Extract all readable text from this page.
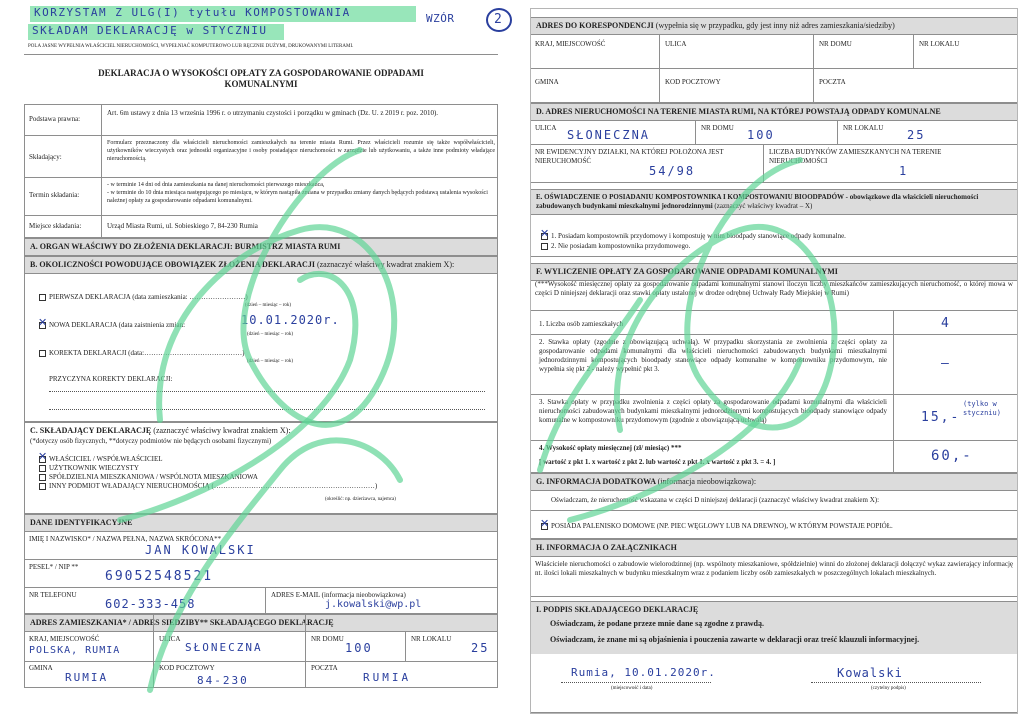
KORZYSTAM Z ULG(I) tytułu KOMPOSTOWANIA
SKŁADAM DEKLARACJĘ w STYCZNIU
WZÓR	2
POLA JASNE WYPEŁNIA WŁAŚCICIEL NIERUCHOMOŚCI, WYPEŁNIAĆ KOMPUTEROWO LUB RĘCZNIE DUŻYMI, DRUKOWANYMI LITERAMI.
DEKLARACJA O WYSOKOŚCI OPŁATY ZA GOSPODAROWANIE ODPADAMI
KOMUNALNYMI
Podstawa prawna:
Art. 6m ustawy z dnia 13 września 1996 r. o utrzymaniu czystości i porządku w gminach (Dz. U. z 2019 r. poz. 2010).
Składający:
Formularz przeznaczony dla właścicieli nieruchomości zamieszkałych na terenie miasta Rumi. Przez właścicieli rozumie się także współwłaścicieli, użytkowników wieczystych oraz jednostki organizacyjne i osoby posiadające nieruchomości w zarządzie lub użytkowaniu, a także inne podmioty władające nieruchomością.
Termin składania:
- w terminie 14 dni od dnia zamieszkania na danej nieruchomości pierwszego mieszkańca,
- w terminie do 10 dnia miesiąca następującego po miesiącu, w którym nastąpiła zmiana w przypadku zmiany danych będących podstawą ustalenia wysokości należnej opłaty za gospodarowanie odpadami komunalnymi.
Miejsce składania:	Urząd Miasta Rumi, ul. Sobieskiego 7, 84-230 Rumia
A. ORGAN WŁAŚCIWY DO ZŁOŻENIA DEKLARACJI: BURMISTRZ MIASTA RUMI
B. OKOLICZNOŚCI POWODUJĄCE OBOWIĄZEK ZŁOŻENIA DEKLARACJI (zaznaczyć właściwy kwadrat znakiem X):
PIERWSZA DEKLARACJA (data zamieszkania: ……………………)
(dzień – miesiąc – rok)
✕
NOWA DEKLARACJA (data zaistnienia zmian:	10.01.2020r.
(dzień – miesiąc – rok)
KOREKTA DEKLARACJI (data:……………………………………)
(dzień – miesiąc – rok)
PRZYCZYNA KOREKTY DEKLARACJI:
C. SKŁADAJĄCY DEKLARACJĘ (zaznaczyć właściwy kwadrat znakiem X):
(*dotyczy osób fizycznych, **dotyczy podmiotów nie będących osobami fizycznymi)
✕
WŁAŚCICIEL / WSPÓŁWŁAŚCICIEL
UŻYTKOWNIK WIECZYSTY
SPÓŁDZIELNIA MIESZKANIOWA / WSPÓLNOTA MIESZKANIOWA
INNY PODMIOT WŁADAJĄCY NIERUCHOMOŚCIĄ (……………………………………………………………)
(określić: np. dzierżawca, najemca)
DANE IDENTYFIKACYJNE
IMIĘ I NAZWISKO* / NAZWA PEŁNA, NAZWA SKRÓCONA**
JAN KOWALSKI
PESEL* / NIP **
69052548521
NR TELEFONU
602-333-458
ADRES E-MAIL (informacja nieobowiązkowa)
j.kowalski@wp.pl
ADRES ZAMIESZKANIA* / ADRES SIEDZIBY** SKŁADAJĄCEGO DEKLARACJĘ
KRAJ, MIEJSCOWOŚĆ
POLSKA, RUMIA
ULICA
SŁONECZNA
NR DOMU
100
NR LOKALU
25
GMINA
RUMIA
KOD POCZTOWY
84-230
POCZTA
RUMIA
ADRES DO KORESPONDENCJI (wypełnia się w przypadku, gdy jest inny niż adres zamieszkania/siedziby)
KRAJ, MIEJSCOWOŚĆ	ULICA	NR DOMU	NR LOKALU
GMINA	KOD POCZTOWY	POCZTA
D. ADRES NIERUCHOMOŚCI NA TERENIE MIASTA RUMI, NA KTÓREJ POWSTAJĄ ODPADY KOMUNALNE
ULICA SŁONECZNA	NR DOMU 100	NR LOKALU 25
NR EWIDENCYJNY DZIAŁKI, NA KTÓREJ POŁOŻONA JEST NIERUCHOMOŚĆ
54/98
LICZBA BUDYNKÓW ZAMIESZKANYCH NA TERENIE NIERUCHOMOŚCI
1
E. OŚWIADCZENIE O POSIADANIU KOMPOSTOWNIKA I KOMPOSTOWANIU BIOODPADÓW - obowiązkowe dla właścicieli nieruchomości zabudowanych budynkami mieszkalnymi jednorodzinnymi (zaznaczyć właściwy kwadrat – X)
✕
1. Posiadam kompostownik przydomowy i kompostuję w nim bioodpady stanowiące odpady komunalne.
2. Nie posiadam kompostownika przydomowego.
F. WYLICZENIE OPŁATY ZA GOSPODAROWANIE ODPADAMI KOMUNALNYMI
(***Wysokość miesięcznej opłaty za gospodarowanie odpadami komunalnymi stanowi iloczyn liczby mieszkańców zamieszkujących nieruchomość, o której mowa w części D niniejszej deklaracji oraz stawki opłaty ustalonej w drodze odrębnej Uchwały Rady Miejskiej w Rumi)
1. Liczba osób zamieszkałych	4
2. Stawka opłaty (zgodnie z obowiązującą uchwałą). W przypadku skorzystania ze zwolnienia z części opłaty za gospodarowanie odpadami komunalnymi dla właścicieli nieruchomości zabudowanych budynkami mieszkalnymi jednorodzinnymi kompostujących bioodpady stanowiące odpady komunalne w kompostowniku przydomowym, nie wypełnia się pkt 2 - należy wypełnić pkt 3.	–
3. Stawka opłaty w przypadku zwolnienia z części opłaty za gospodarowanie odpadami komunalnymi dla właścicieli nieruchomości zabudowanych budynkami mieszkalnymi jednorodzinnymi kompostujących bioodpady stanowiące odpady komunalne w kompostowniku przydomowym (zgodnie z obowiązującą uchwałą)	15,-
(tylko w styczniu)
4. Wysokość opłaty miesięcznej (zł/ miesiąc) ***
[ wartość z pkt 1. x wartość z pkt 2. lub wartość z pkt 1. x wartość z pkt 3. = 4. ]	60,-
G. INFORMACJA DODATKOWA (informacja nieobowiązkowa):
Oświadczam, że nieruchomość wskazana w części D niniejszej deklaracji (zaznaczyć właściwy kwadrat znakiem X):
✕
POSIADA PALENISKO DOMOWE (NP. PIEC WĘGLOWY LUB NA DREWNO), W KTÓRYM POWSTAJE POPIÓŁ.
H. INFORMACJA O ZAŁĄCZNIKACH
Właściciele nieruchomości o zabudowie wielorodzinnej (np. wspólnoty mieszkaniowe, spółdzielnie) winni do złożonej deklaracji dołączyć wykaz zawierający informację nt. ilości lokali mieszkalnych w budynku mieszkalnym wraz z podaniem liczby osób zamieszkałych w poszczególnych lokalach mieszkalnych.
I. PODPIS SKŁADAJĄCEGO DEKLARACJĘ
Oświadczam, że podane przeze mnie dane są zgodne z prawdą.
Oświadczam, że znane mi są objaśnienia i pouczenia zawarte w deklaracji oraz treść klauzuli informacyjnej.
Rumia, 10.01.2020r.
(miejscowość i data)
Kowalski
(czytelny podpis)
